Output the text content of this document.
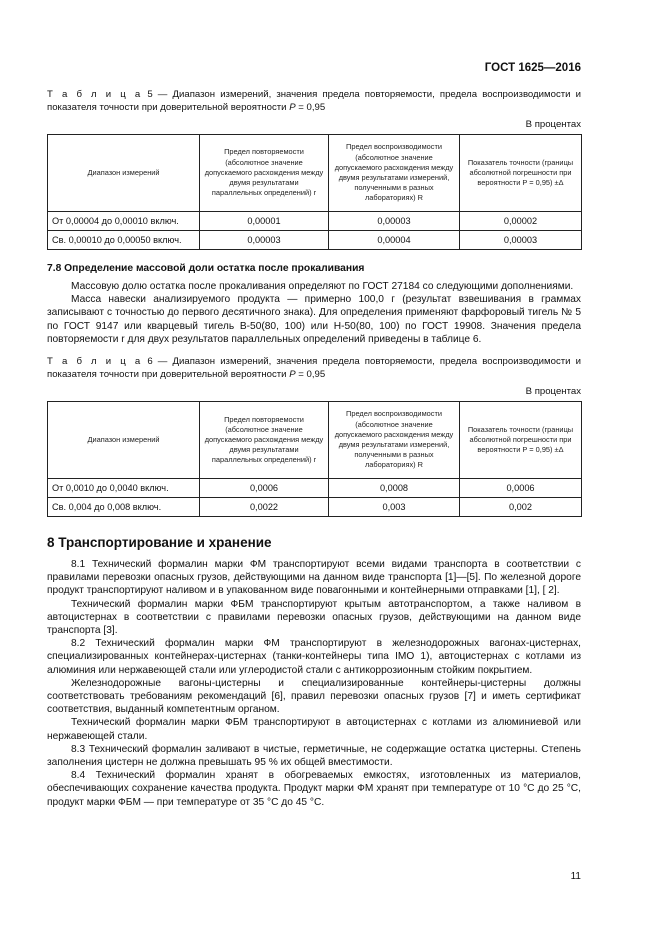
ГОСТ 1625—2016
Т а б л и ц а 5 — Диапазон измерений, значения предела повторяемости, предела воспроизводимости и показателя точности при доверительной вероятности P = 0,95
В процентах
Диапазон измерений	Предел повторяемости (абсолютное значение допускаемого расхождения между двумя результатами параллельных определений) r	Предел воспроизводимости (абсолютное значение допускаемого расхождения между двумя результатами измерений, полученными в разных лабораториях) R	Показатель точности (границы абсолютной погрешности при вероятности P = 0,95) ±Δ
От 0,00004 до 0,00010 включ.	0,00001	0,00003	0,00002
Св. 0,00010 до 0,00050 включ.	0,00003	0,00004	0,00003
7.8 Определение массовой доли остатка после прокаливания

Массовую долю остатка после прокаливания определяют по ГОСТ 27184 со следующими дополнениями.

Масса навески анализируемого продукта — примерно 100,0 г (результат взвешивания в граммах записывают с точностью до первого десятичного знака). Для определения применяют фарфоровый тигель № 5 по ГОСТ 9147 или кварцевый тигель В-50(80, 100) или Н-50(80, 100) по ГОСТ 19908. Значения предела повторяемости r для двух результатов параллельных определений приведены в таблице 6.

Т а б л и ц а 6 — Диапазон измерений, значения предела повторяемости, предела воспроизводимости и показателя точности при доверительной вероятности P = 0,95
В процентах
Диапазон измерений	Предел повторяемости (абсолютное значение допускаемого расхождения между двумя результатами параллельных определений) r	Предел воспроизводимости (абсолютное значение допускаемого расхождения между двумя результатами измерений, полученными в разных лабораториях) R	Показатель точности (границы абсолютной погрешности при вероятности P = 0,95) ±Δ
От 0,0010 до 0,0040 включ.	0,0006	0,0008	0,0006
Св. 0,004 до 0,008 включ.	0,0022	0,003	0,002
8 Транспортирование и хранение

8.1 Технический формалин марки ФМ транспортируют всеми видами транспорта в соответствии с правилами перевозки опасных грузов, действующими на данном виде транспорта [1]—[5]. По железной дороге продукт транспортируют наливом и в упакованном виде повагонными и контейнерными отправками [1], [ 2].

Технический формалин марки ФБМ транспортируют крытым автотранспортом, а также наливом в автоцистернах в соответствии с правилами перевозки опасных грузов, действующими на данном виде транспорта [3].

8.2 Технический формалин марки ФМ транспортируют в железнодорожных вагонах-цистернах, специализированных контейнерах-цистернах (танки-контейнеры типа IMO 1), автоцистернах с котлами из алюминия или нержавеющей стали или углеродистой стали с антикоррозионным стойким покрытием.

Железнодорожные вагоны-цистерны и специализированные контейнеры-цистерны должны соответствовать требованиям рекомендаций [6], правил перевозки опасных грузов [7] и иметь сертификат соответствия, выданный компетентным органом.

Технический формалин марки ФБМ транспортируют в автоцистернах с котлами из алюминиевой или нержавеющей стали.

8.3 Технический формалин заливают в чистые, герметичные, не содержащие остатка цистерны. Степень заполнения цистерн не должна превышать 95 % их общей вместимости.

8.4 Технический формалин хранят в обогреваемых емкостях, изготовленных из материалов, обеспечивающих сохранение качества продукта. Продукт марки ФМ хранят при температуре от 10 °С до 25 °С, продукт марки ФБМ — при температуре от 35 °С до 45 °С.

11
